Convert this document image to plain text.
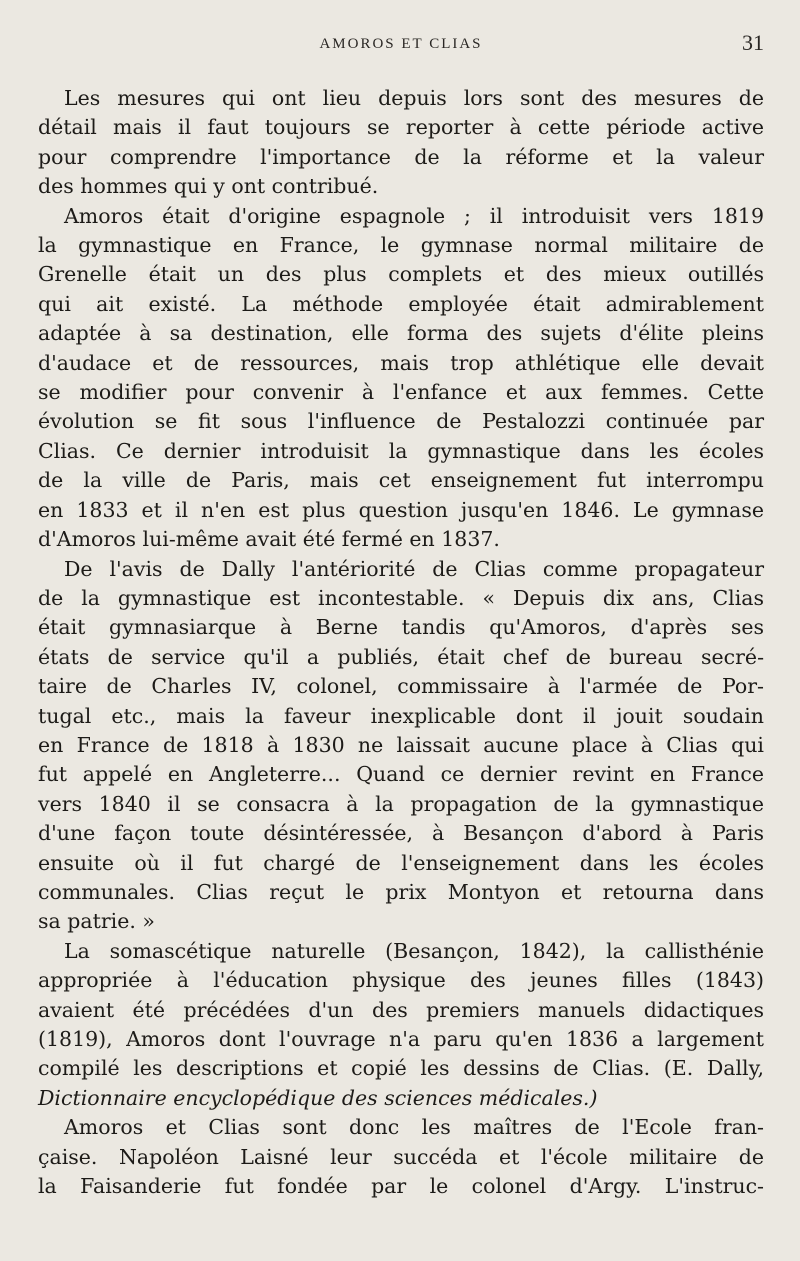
AMOROS ET CLIAS	31

Les mesures qui ont lieu depuis lors sont des mesures de
détail mais il faut toujours se reporter à cette période active
pour comprendre l'importance de la réforme et la valeur
des hommes qui y ont contribué.

Amoros était d'origine espagnole ; il introduisit vers 1819
la gymnastique en France, le gymnase normal militaire de
Grenelle était un des plus complets et des mieux outillés
qui ait existé. La méthode employée était admirablement
adaptée à sa destination, elle forma des sujets d'élite pleins
d'audace et de ressources, mais trop athlétique elle devait
se modifier pour convenir à l'enfance et aux femmes. Cette
évolution se fit sous l'influence de Pestalozzi continuée par
Clias. Ce dernier introduisit la gymnastique dans les écoles
de la ville de Paris, mais cet enseignement fut interrompu
en 1833 et il n'en est plus question jusqu'en 1846. Le gymnase
d'Amoros lui-même avait été fermé en 1837.

De l'avis de Dally l'antériorité de Clias comme propagateur
de la gymnastique est incontestable. « Depuis dix ans, Clias
était gymnasiarque à Berne tandis qu'Amoros, d'après ses
états de service qu'il a publiés, était chef de bureau secré-
taire de Charles IV, colonel, commissaire à l'armée de Por-
tugal etc., mais la faveur inexplicable dont il jouit soudain
en France de 1818 à 1830 ne laissait aucune place à Clias qui
fut appelé en Angleterre... Quand ce dernier revint en France
vers 1840 il se consacra à la propagation de la gymnastique
d'une façon toute désintéressée, à Besançon d'abord à Paris
ensuite où il fut chargé de l'enseignement dans les écoles
communales. Clias reçut le prix Montyon et retourna dans
sa patrie. »

La somascétique naturelle (Besançon, 1842), la callisthénie
appropriée à l'éducation physique des jeunes filles (1843)
avaient été précédées d'un des premiers manuels didactiques
(1819), Amoros dont l'ouvrage n'a paru qu'en 1836 a largement
compilé les descriptions et copié les dessins de Clias. (E. Dally,
Dictionnaire encyclopédique des sciences médicales.)

Amoros et Clias sont donc les maîtres de l'Ecole fran-
çaise. Napoléon Laisné leur succéda et l'école militaire de
la Faisanderie fut fondée par le colonel d'Argy. L'instruc-
